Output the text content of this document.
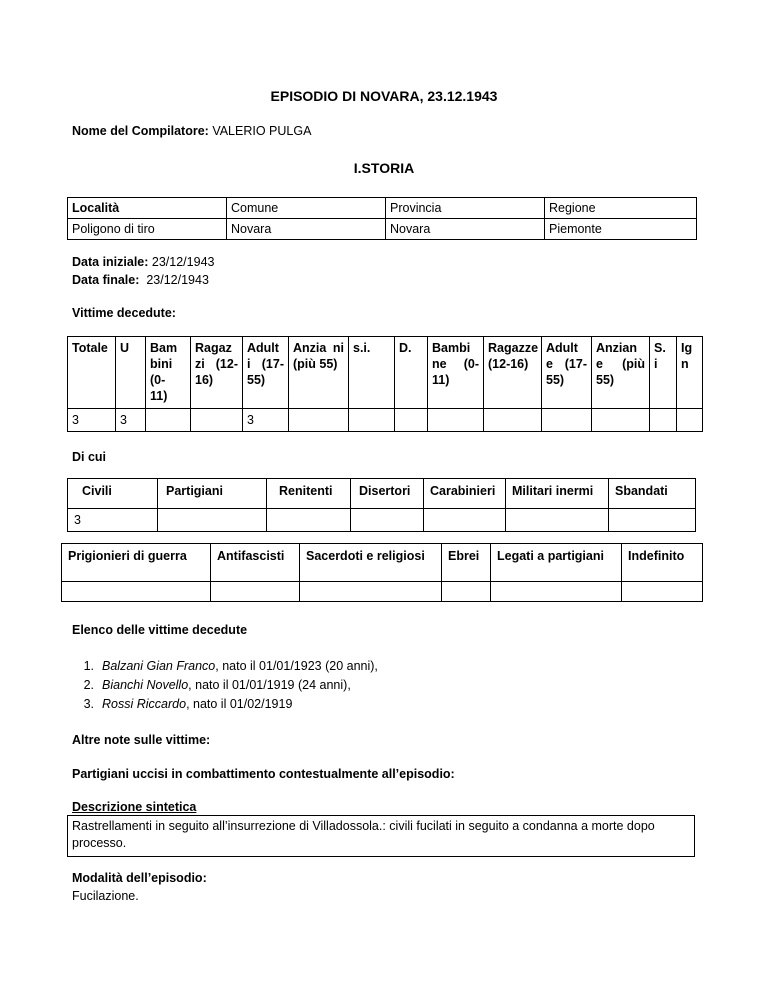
EPISODIO DI NOVARA, 23.12.1943
Nome del Compilatore: VALERIO PULGA
I.STORIA
Località	Comune	Provincia	Regione
Poligono di tiro	Novara	Novara	Piemonte
Data iniziale: 23/12/1943
Data finale: 23/12/1943
Vittime decedute:
Totale	U	Bam bini (0- 11)	Ragaz zi (12- 16)	Adult i (17- 55)	Anzia ni (più 55)	s.i.	D.	Bambi ne (0- 11)	Ragazze (12-16)	Adult e (17- 55)	Anzian e (più 55)	S. i	Ig n
3	3			3									
Di cui
Civili	Partigiani	Renitenti	Disertori	Carabinieri	Militari inermi	Sbandati
3						
Prigionieri di guerra	Antifascisti	Sacerdoti e religiosi	Ebrei	Legati a partigiani	Indefinito

Elenco delle vittime decedute
1. Balzani Gian Franco, nato il 01/01/1923 (20 anni),
2. Bianchi Novello, nato il 01/01/1919 (24 anni),
3. Rossi Riccardo, nato il 01/02/1919
Altre note sulle vittime:
Partigiani uccisi in combattimento contestualmente all’episodio:
Descrizione sintetica
Rastrellamenti in seguito all’insurrezione di Villadossola.: civili fucilati in seguito a condanna a morte dopo processo.
Modalità dell’episodio:
Fucilazione.
